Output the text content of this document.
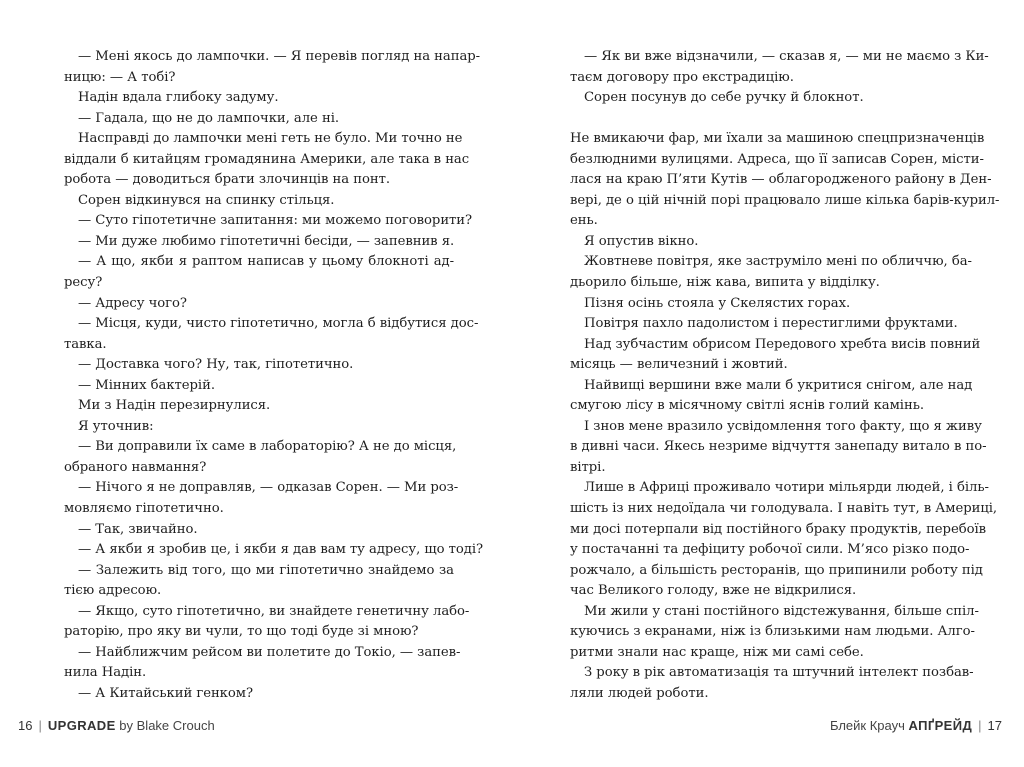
— Мені якось до лампочки. — Я перевів погляд на напар-

ницю: — А тобі?

Надін вдала глибоку задуму.

— Гадала, що не до лампочки, але ні.

Насправді до лампочки мені геть не було. Ми точно не

віддали б китайцям громадянина Америки, але така в нас

робота — доводиться брати злочинців на понт.

Сорен відкинувся на спинку стільця.

— Суто гіпотетичне запитання: ми можемо поговорити?

— Ми дуже любимо гіпотетичні бесіди, — запевнив я.

— А що, якби я раптом написав у цьому блокноті ад-

ресу?

— Адресу чого?

— Місця, куди, чисто гіпотетично, могла б відбутися дос-

тавка.

— Доставка чого? Ну, так, гіпотетично.

— Мінних бактерій.

Ми з Надін перезирнулися.

Я уточнив:

— Ви доправили їх саме в лабораторію? А не до місця,

обраного навмання?

— Нічого я не доправляв, — одказав Сорен. — Ми роз-

мовляємо гіпотетично.

— Так, звичайно.

— А якби я зробив це, і якби я дав вам ту адресу, що тоді?

— Залежить від того, що ми гіпотетично знайдемо за

тією адресою.

— Якщо, суто гіпотетично, ви знайдете генетичну лабо-

раторію, про яку ви чули, то що тоді буде зі мною?

— Найближчим рейсом ви полетите до Токіо, — запев-

нила Надін.

— А Китайський генком?

— Як ви вже відзначили, — сказав я, — ми не маємо з Ки-

таєм договору про екстрадицію.

Сорен посунув до себе ручку й блокнот.

Не вмикаючи фар, ми їхали за машиною спецпризначенців

безлюдними вулицями. Адреса, що її записав Сорен, місти-

лася на краю П’яти Кутів — облагородженого району в Ден-

вері, де о цій нічній порі працювало лише кілька барів-курил-

ень.

Я опустив вікно.

Жовтневе повітря, яке заструміло мені по обличчю, ба-

дьорило більше, ніж кава, випита у відділку.

Пізня осінь стояла у Скелястих горах.

Повітря пахло падолистом і перестиглими фруктами.

Над зубчастим обрисом Передового хребта висів повний

місяць — величезний і жовтий.

Найвищі вершини вже мали б укритися снігом, але над

смугою лісу в місячному світлі яснів голий камінь.

І знов мене вразило усвідомлення того факту, що я живу

в дивні часи. Якесь незриме відчуття занепаду витало в по-

вітрі.

Лише в Африці проживало чотири мільярди людей, і біль-

шість із них недоїдала чи голодувала. І навіть тут, в Америці,

ми досі потерпали від постійного браку продуктів, перебоїв

у постачанні та дефіциту робочої сили. М’ясо різко подо-

рожчало, а більшість ресторанів, що припинили роботу під

час Великого голоду, вже не відкрилися.

Ми жили у стані постійного відстежування, більше спіл-

куючись з екранами, ніж із близькими нам людьми. Алго-

ритми знали нас краще, ніж ми самі себе.

З року в рік автоматизація та штучний інтелект позбав-

ляли людей роботи.

16 | UPGRADE by Blake Crouch	Блейк Крауч АПҐРЕЙД | 17
